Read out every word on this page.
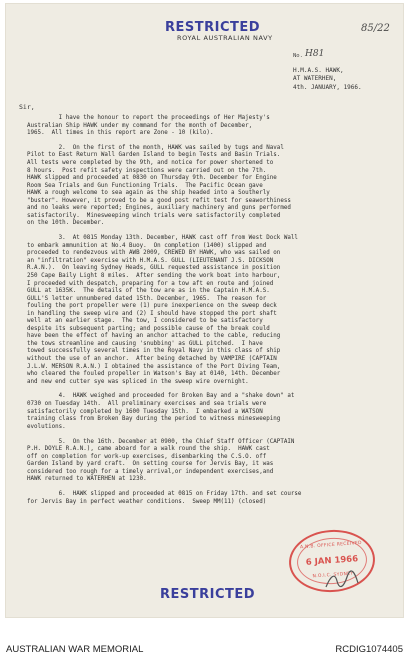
RESTRICTED
ROYAL AUSTRALIAN NAVY
85/22
No. H81
H.M.A.S. HAWK,
AT WATERHEN,
4th. JANUARY, 1966.
Sir,

I have the honour to report the proceedings of Her Majesty's
Australian Ship HAWK under my command for the month of December,
1965.  All times in this report are Zone - 10 (kilo).

2.  On the first of the month, HAWK was sailed by tugs and Naval
Pilot to East Return Wall Garden Island to begin Tests and Basin Trials.
All tests were completed by the 9th, and notice for power shortened to
8 hours.  Post refit safety inspections were carried out on the 7th.
HAWK slipped and proceeded at 0830 on Thursday 9th. December for Engine
Room Sea Trials and Gun Functioning Trials.  The Pacific Ocean gave
HAWK a rough welcome to sea again as the ship headed into a Southerly
"buster". However, it proved to be a good post refit test for seaworthiness
and no leaks were reported; Engines, auxiliary machinery and guns performed
satisfactorily.  Minesweeping winch trials were satisfactorily completed
on the 10th. December.

3.  At 0815 Monday 13th. December, HAWK cast off from West Dock Wall
to embark ammunition at No.4 Buoy.  On completion (1400) slipped and
proceeded to rendezvous with AWB 2009, CREWED BY HAWK, who was sailed on
an "infiltration" exercise with H.M.A.S. GULL (LIEUTENANT J.S. DICKSON
R.A.N.).  On leaving Sydney Heads, GULL requested assistance in position
250 Cape Baily Light 8 miles.  After sending the work boat into harbour,
I proceeded with despatch, preparing for a tow aft en route and joined
GULL at 1635K.  The details of the tow are as in the Captain H.M.A.S.
GULL'S letter unnumbered dated 15th. December, 1965.  The reason for
fouling the port propeller were (1) pure inexperience on the sweep deck
in handling the sweep wire and (2) I should have stopped the port shaft
well at an earlier stage.  The tow, I considered to be satisfactory
despite its subsequent parting; and possible cause of the break could
have been the effect of having an anchor attached to the cable, reducing
the tows streamline and causing 'snubbing' as GULL pitched.  I have
towed successfully several times in the Royal Navy in this class of ship
without the use of an anchor.  After being detached by VAMPIRE (CAPTAIN
J.L.W. MERSON R.A.N.) I obtained the assistance of the Port Diving Team,
who cleared the fouled propeller in Watson's Bay at 0140, 14th. December
and new end cutter sye was spliced in the sweep wire overnight.

4.  HAWK weighed and proceeded for Broken Bay and a "shake down" at
0730 on Tuesday 14th.  All preliminary exercises and sea trials were
satisfactorily completed by 1600 Tuesday 15th.  I embarked a WATSON
training class from Broken Bay during the period to witness minesweeping
evolutions.

5.  On the 16th. December at 0900, the Chief Staff Officer (CAPTAIN
P.H. DOYLE R.A.N.), came aboard for a walk round the ship.  HAWK cast
off on completion for work-up exercises, disembarking the C.S.O. off
Garden Island by yard craft.  On setting course for Jervis Bay, it was
considered too rough for a timely arrival,or independent exercises,and
HAWK returned to WATERHEN at 1230.

6.  HAWK slipped and proceeded at 0815 on Friday 17th. and set course
for Jervis Bay in perfect weather conditions.  Sweep MM(11) (closed)

A.N.B. OFFICE RECEIVED
6 JAN 1966
N.O.I.C. SYDNEY
RESTRICTED
AUSTRALIAN WAR MEMORIAL	RCDIG1074405
